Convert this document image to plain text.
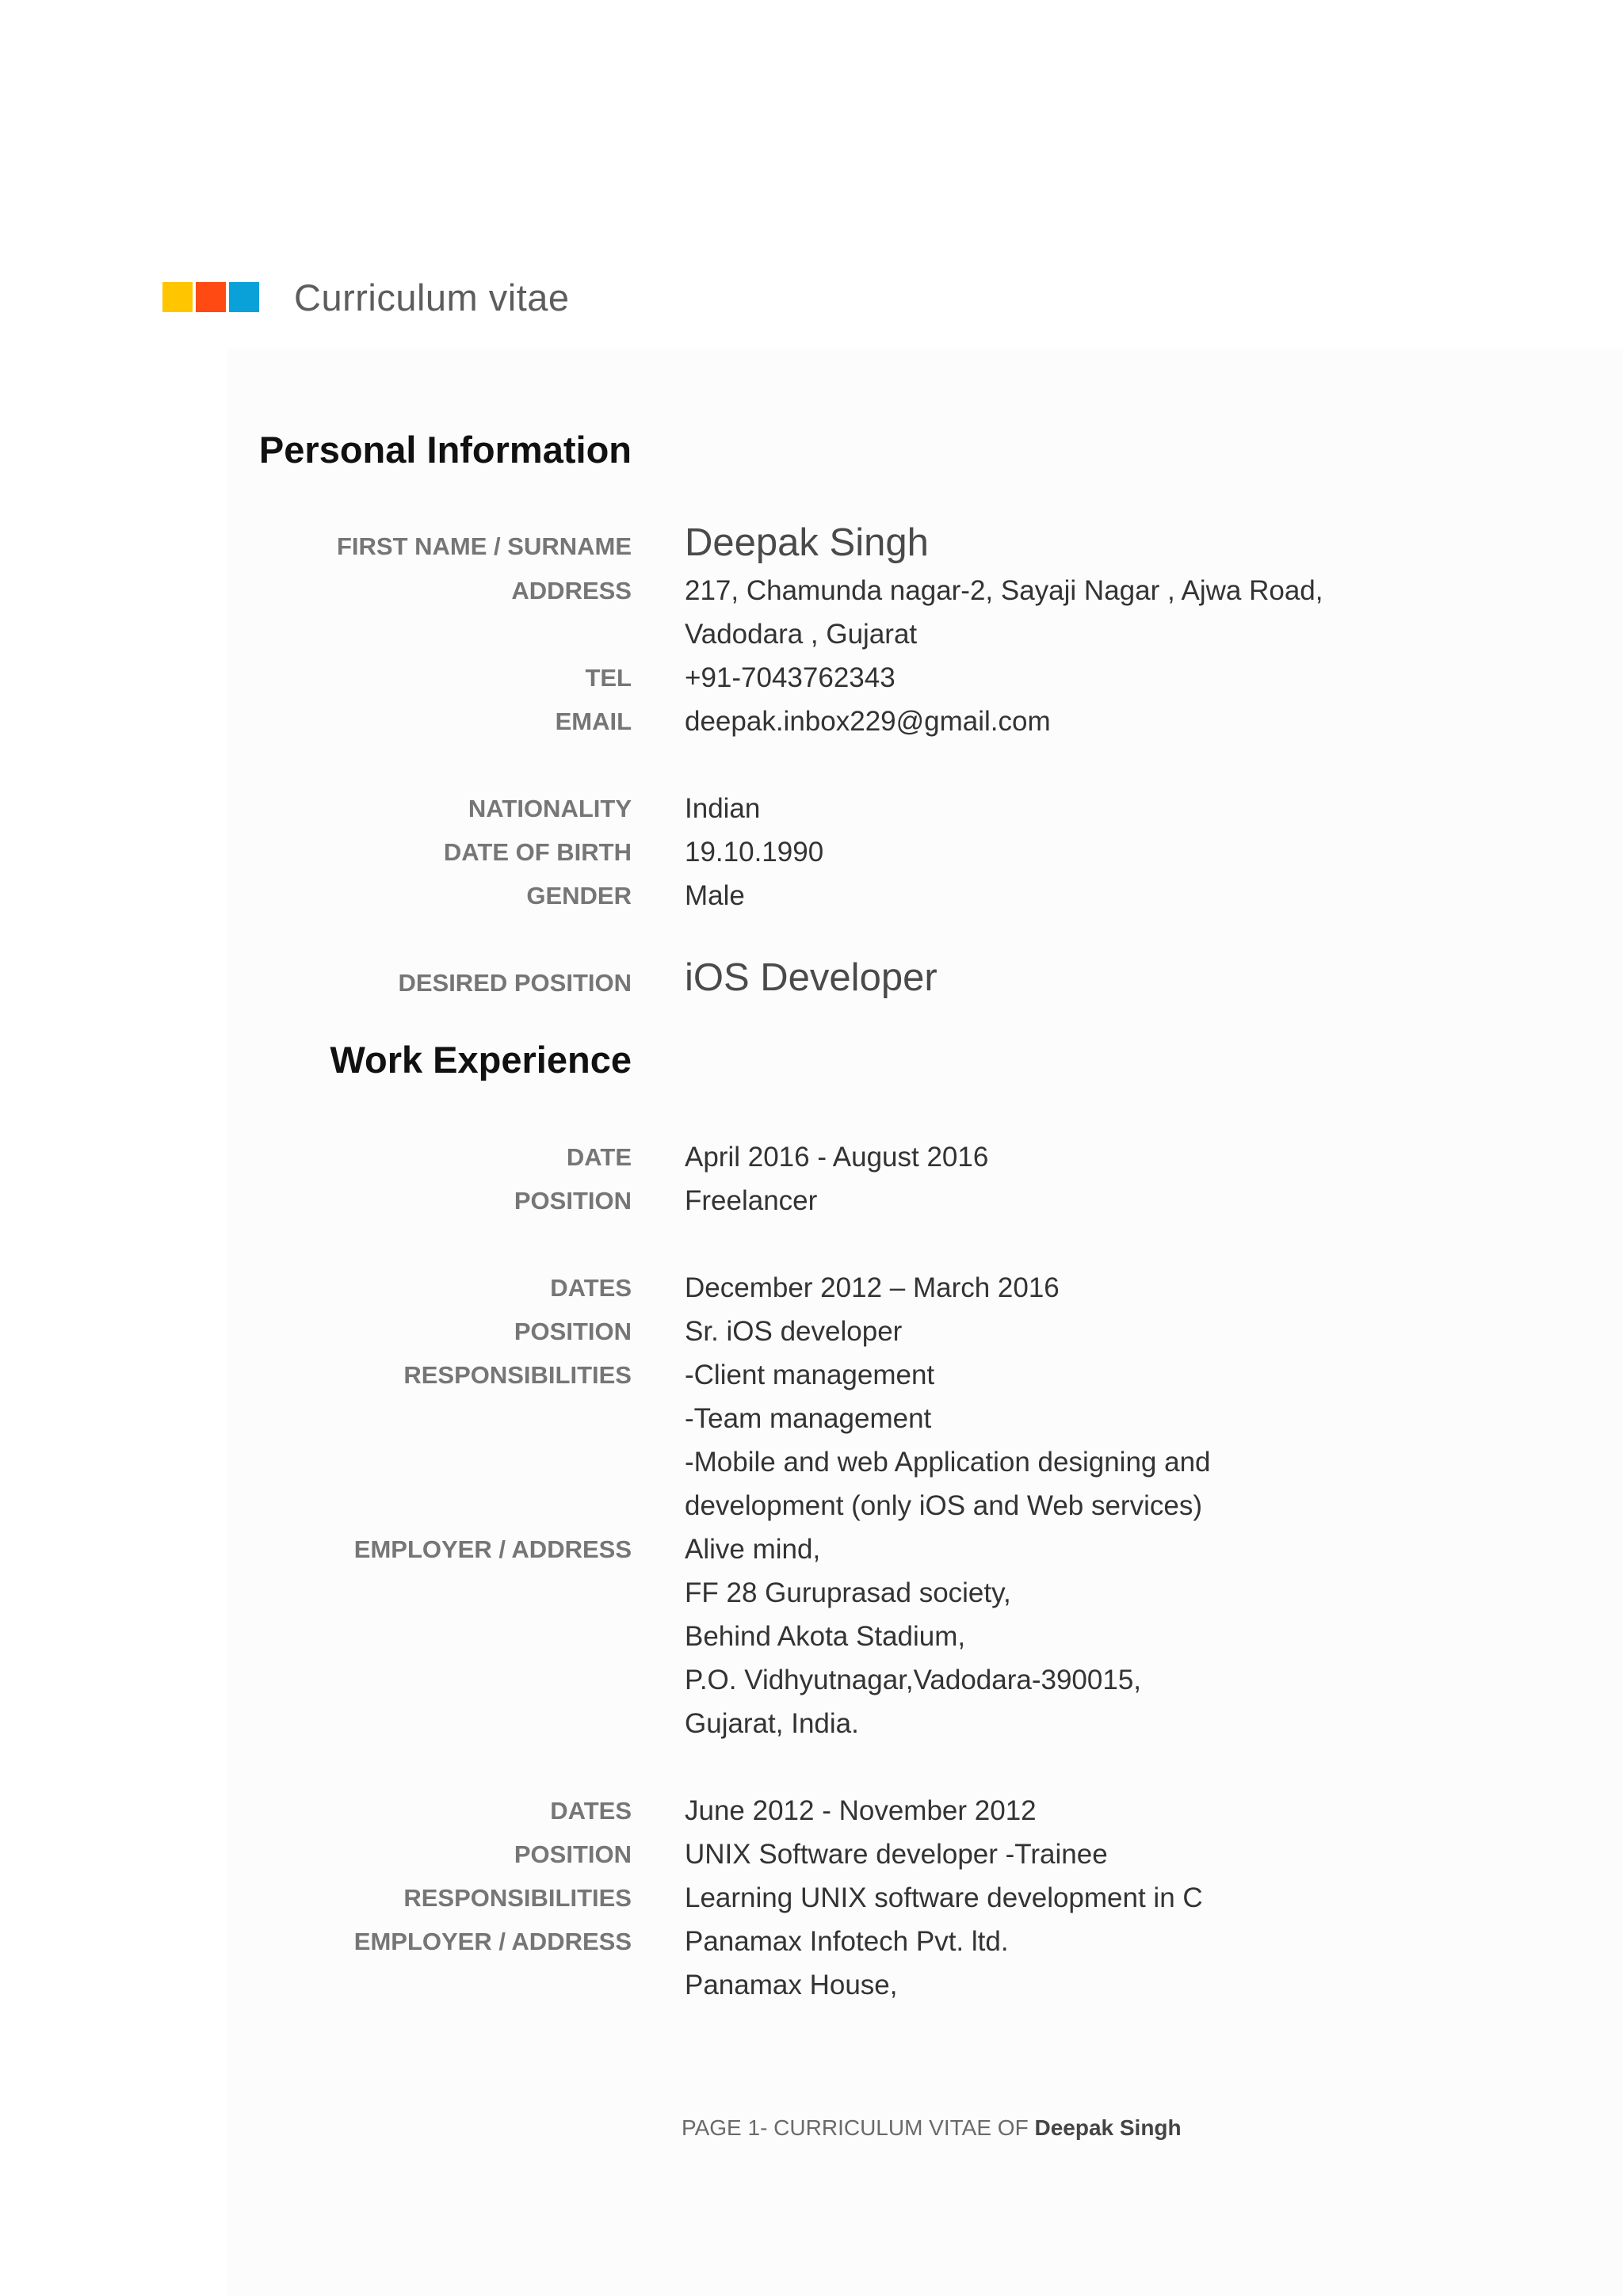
Curriculum vitae
Personal Information
FIRST NAME / SURNAME Deepak Singh
ADDRESS 217, Chamunda nagar-2, Sayaji Nagar , Ajwa Road,
Vadodara , Gujarat
TEL +91-7043762343
EMAIL deepak.inbox229@gmail.com
NATIONALITY Indian
DATE OF BIRTH 19.10.1990
GENDER Male
DESIRED POSITION iOS Developer
Work Experience
DATE April 2016 - August 2016
POSITION Freelancer
DATES December 2012 – March 2016
POSITION Sr. iOS developer
RESPONSIBILITIES -Client management
-Team management
-Mobile and web Application designing and
development (only iOS and Web services)
EMPLOYER / ADDRESS Alive mind,
FF 28 Guruprasad society,
Behind Akota Stadium,
P.O. Vidhyutnagar,Vadodara-390015,
Gujarat, India.
DATES June 2012 - November 2012
POSITION UNIX Software developer -Trainee
RESPONSIBILITIES Learning UNIX software development in C
EMPLOYER / ADDRESS Panamax Infotech Pvt. ltd.
Panamax House,
PAGE 1- CURRICULUM VITAE OF Deepak Singh
